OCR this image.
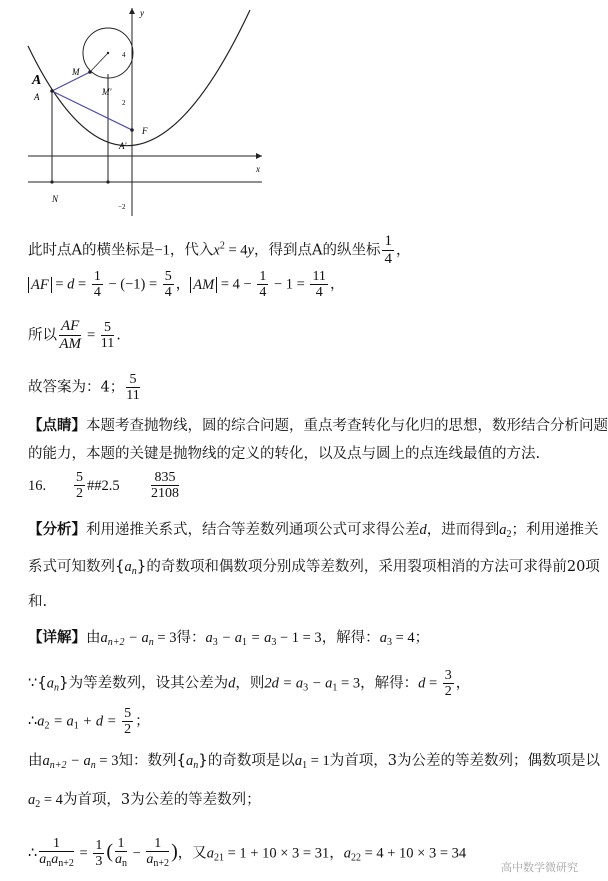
y
x
A
A
M
M'
F
A'
N
4
2
−2
此时点A的横坐标是−1，代入$x^2 = 4y$，得到点A的纵坐标 $\frac{1}{4}$ ，
AF = $d = \frac{1}{4} - (-1) = \frac{5}{4}$ ， AM = $4 - \frac{1}{4} - 1 = \frac{11}{4}$ ，
所以 $\frac{AF}{AM} = \frac{5}{11}$ .
故答案为：4； $\frac{5}{11}$
【点睛】本题考查抛物线，圆的综合问题，重点考查转化与化归的思想，数形结合分析问题
的能力，本题的关键是抛物线的定义的转化，以及点与圆上的点连线最值的方法.
16. $\frac{5}{2}$ ##2.5 $\frac{835}{2108}$
【分析】利用递推关系式，结合等差数列通项公式可求得公差d，进而得到$a_2$；利用递推关
系式可知数列$\{a_n\}$的奇数项和偶数项分别成等差数列，采用裂项相消的方法可求得前20项
和.
【详解】由$a_{n+2} - a_n = 3$得：$a_3 - a_1 = a_3 - 1 = 3$，解得：$a_3 = 4$；
$\because\{a_n\}$为等差数列，设其公差为d，则$2d = a_3 - a_1 = 3$，解得：$d = \frac{3}{2}$ ，
$\therefore a_2 = a_1 + d = \frac{5}{2}$ ；
由$a_{n+2} - a_n = 3$知：数列$\{a_n\}$的奇数项是以$a_1 = 1$为首项，3为公差的等差数列；偶数项是以
$a_2 = 4$为首项，3为公差的等差数列；
∴ $\frac{1}{a_na_{n+2}} = \frac{1}{3}$ ( $\frac{1}{a_n} - \frac{1}{a_{n+2}}$ )，又$a_{21} = 1 + 10 \times 3 = 31$，$a_{22} = 4 + 10 \times 3 = 34$
高中数学微研究
